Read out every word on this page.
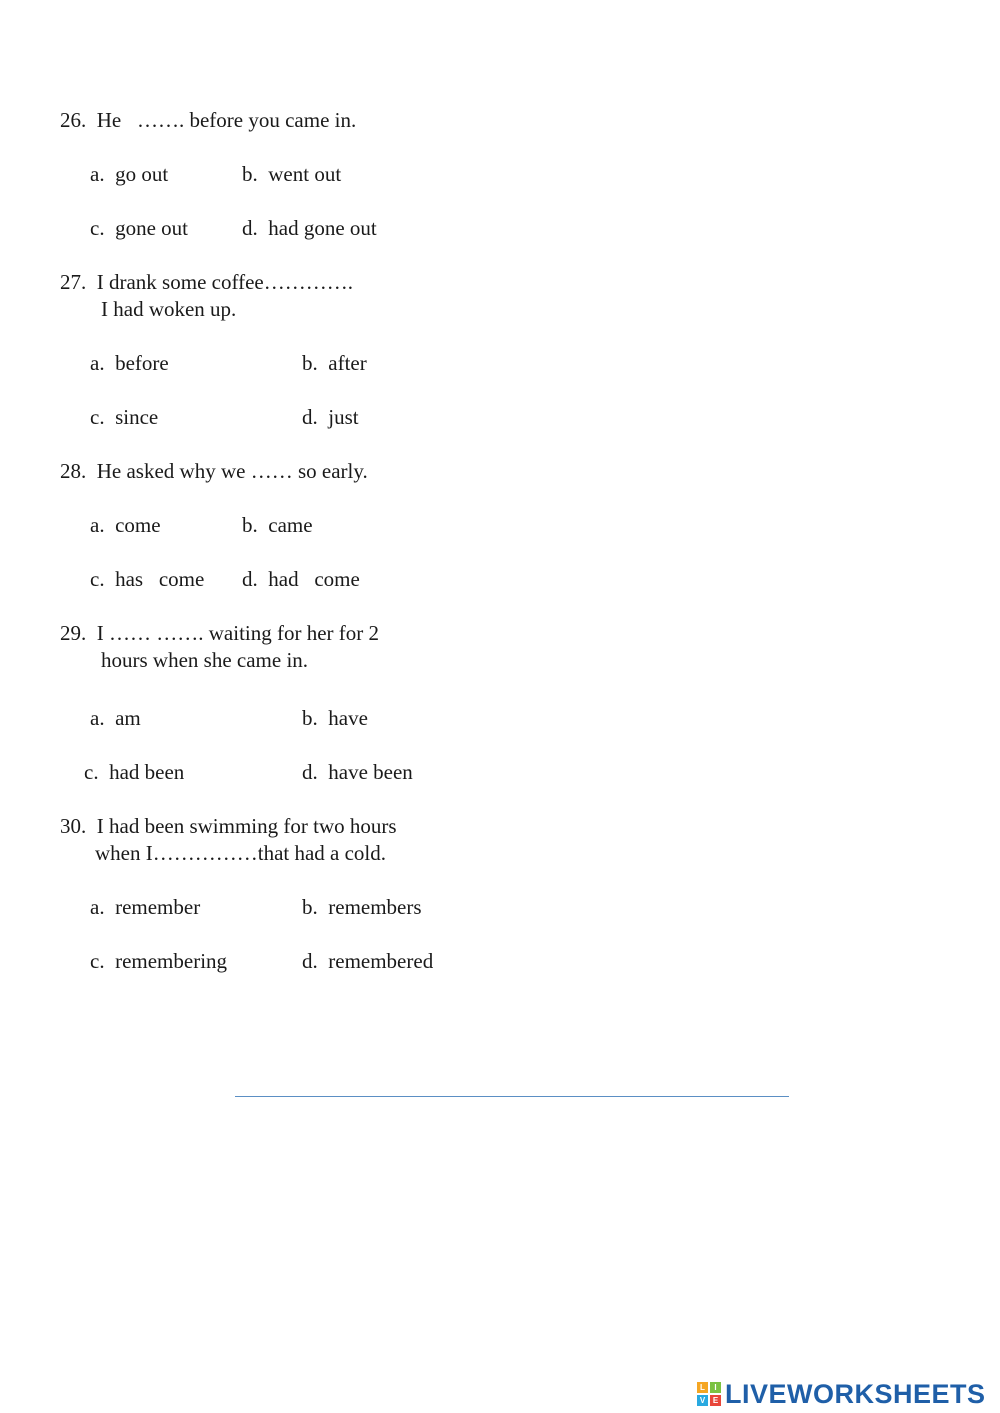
26.  He   ……. before you came in.
a.  go out	b.  went out
c.  gone out	d.  had gone out
27.  I drank some coffee………….
I had woken up.
a.  before	b.  after
c.  since	d.  just
28.  He asked why we …… so early.
a.  come	b.  came
c.  has   come d.  had   come
29.  I …… ……. waiting for her for 2
hours when she came in.
a.  am	b.  have
c.  had been	d.  have been
30.  I had been swimming for two hours
when I……………that had a cold.
a.  remember	b.  remembers
c.  remembering	d.  remembered
L	I
V E LIVEWORKSHEETS
